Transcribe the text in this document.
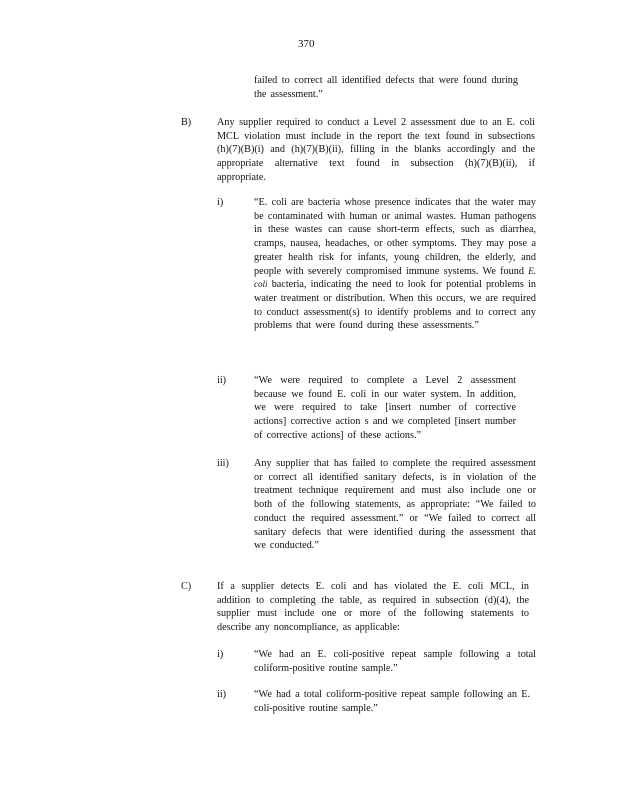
370

failed to correct all identified defects that were found during the assessment.”

B)	Any supplier required to conduct a Level 2 assessment due to an E. coli MCL violation must include in the report the text found in subsections (h)(7)(B)(i) and (h)(7)(B)(ii), filling in the blanks accordingly and the appropriate alternative text found in subsection (h)(7)(B)(ii), if appropriate.

i)	“E. coli are bacteria whose presence indicates that the water may be contaminated with human or animal wastes. Human pathogens in these wastes can cause short-term effects, such as diarrhea, cramps, nausea, headaches, or other symptoms. They may pose a greater health risk for infants, young children, the elderly, and people with severely compromised immune systems. We found E. coli bacteria, indicating the need to look for potential problems in water treatment or distribution. When this occurs, we are required to conduct assessment(s) to identify problems and to correct any problems that were found during these assessments.”

ii)	“We were required to complete a Level 2 assessment because we found E. coli in our water system. In addition, we were required to take [insert number of corrective actions] corrective action s and we completed [insert number of corrective actions] of these actions.”

iii) Any supplier that has failed to complete the required assessment or correct all identified sanitary defects, is in violation of the treatment technique requirement and must also include one or both of the following statements, as appropriate: “We failed to conduct the required assessment.” or “We failed to correct all sanitary defects that were identified during the assessment that we conducted.”

C)	If a supplier detects E. coli and has violated the E. coli MCL, in addition to completing the table, as required in subsection (d)(4), the supplier must include one or more of the following statements to describe any noncompliance, as applicable:

i)	“We had an E. coli-positive repeat sample following a total coliform-positive routine sample.”

ii)	“We had a total coliform-positive repeat sample following an E. coli-positive routine sample.”
